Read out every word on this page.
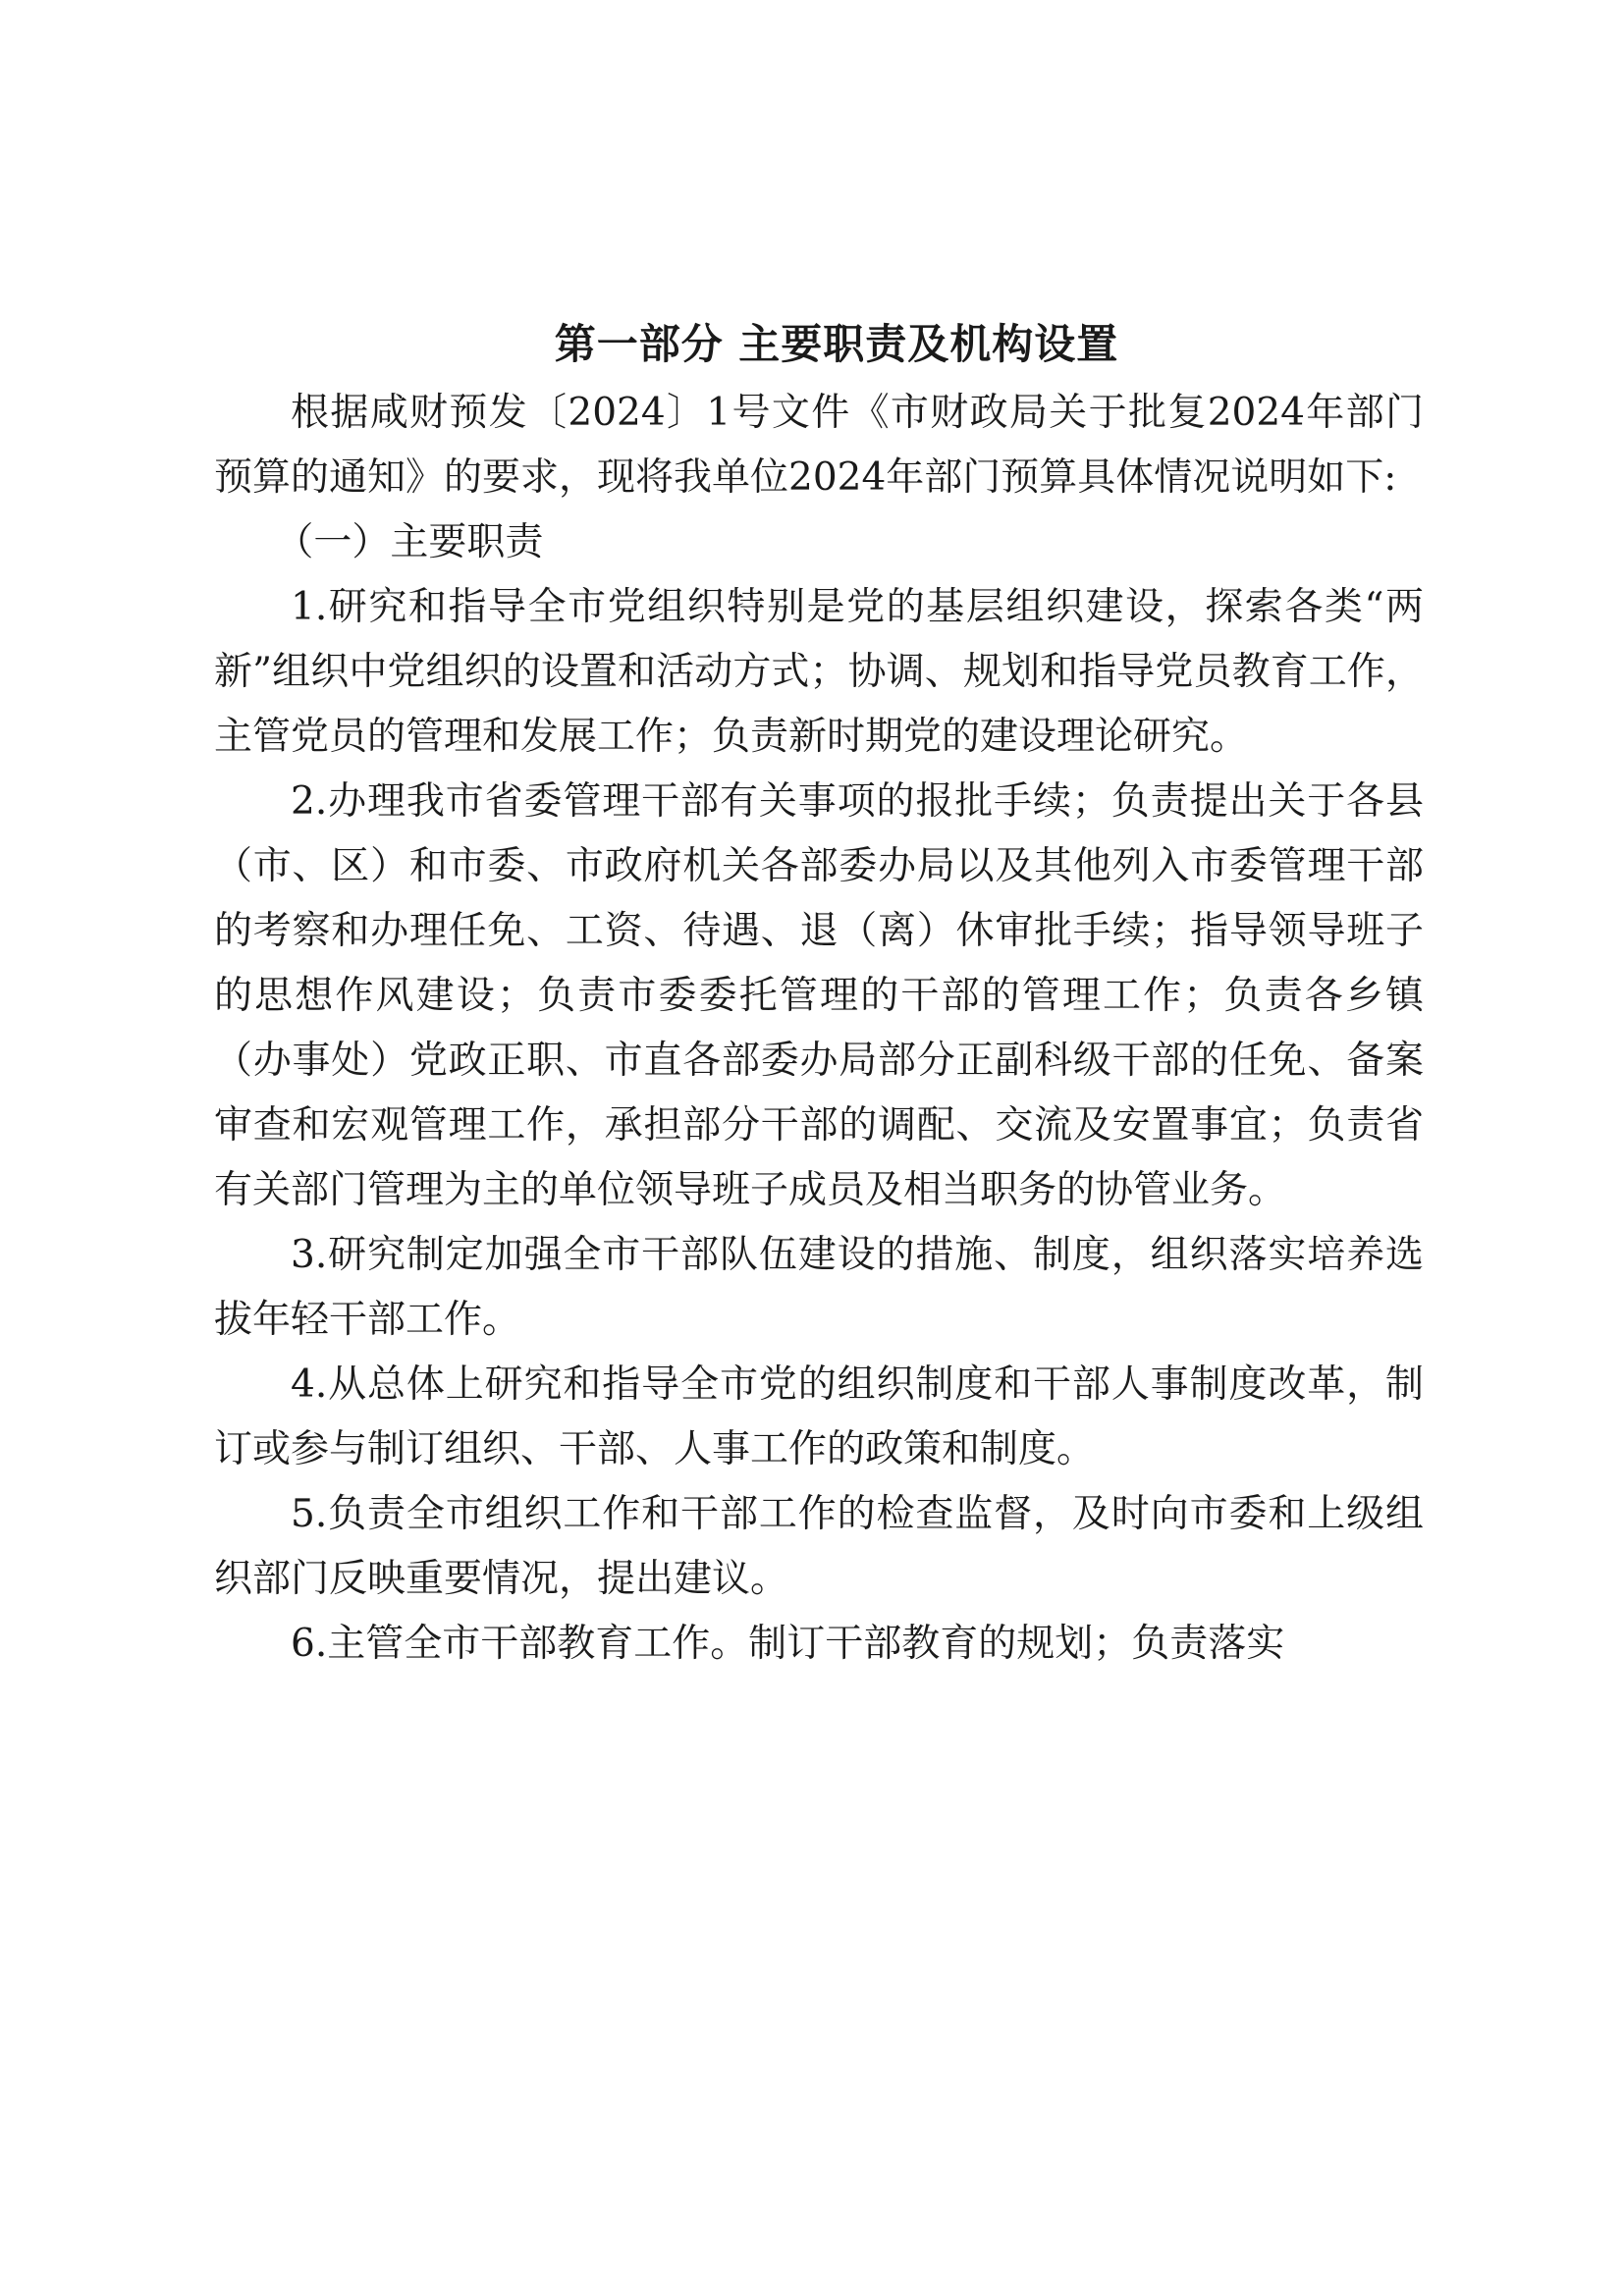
第一部分 主要职责及机构设置

根据咸财预发〔2024〕1号文件《市财政局关于批复2024年部门预算的通知》的要求，现将我单位2024年部门预算具体情况说明如下:

（一）主要职责

1.研究和指导全市党组织特别是党的基层组织建设，探索各类“两新”组织中党组织的设置和活动方式；协调、规划和指导党员教育工作，主管党员的管理和发展工作；负责新时期党的建设理论研究。

2.办理我市省委管理干部有关事项的报批手续；负责提出关于各县（市、区）和市委、市政府机关各部委办局以及其他列入市委管理干部的考察和办理任免、工资、待遇、退（离）休审批手续；指导领导班子的思想作风建设；负责市委委托管理的干部的管理工作；负责各乡镇（办事处）党政正职、市直各部委办局部分正副科级干部的任免、备案审查和宏观管理工作，承担部分干部的调配、交流及安置事宜；负责省有关部门管理为主的单位领导班子成员及相当职务的协管业务。

3.研究制定加强全市干部队伍建设的措施、制度，组织落实培养选拔年轻干部工作。

4.从总体上研究和指导全市党的组织制度和干部人事制度改革，制订或参与制订组织、干部、人事工作的政策和制度。

5.负责全市组织工作和干部工作的检查监督，及时向市委和上级组织部门反映重要情况，提出建议。

6.主管全市干部教育工作。制订干部教育的规划；负责落实
